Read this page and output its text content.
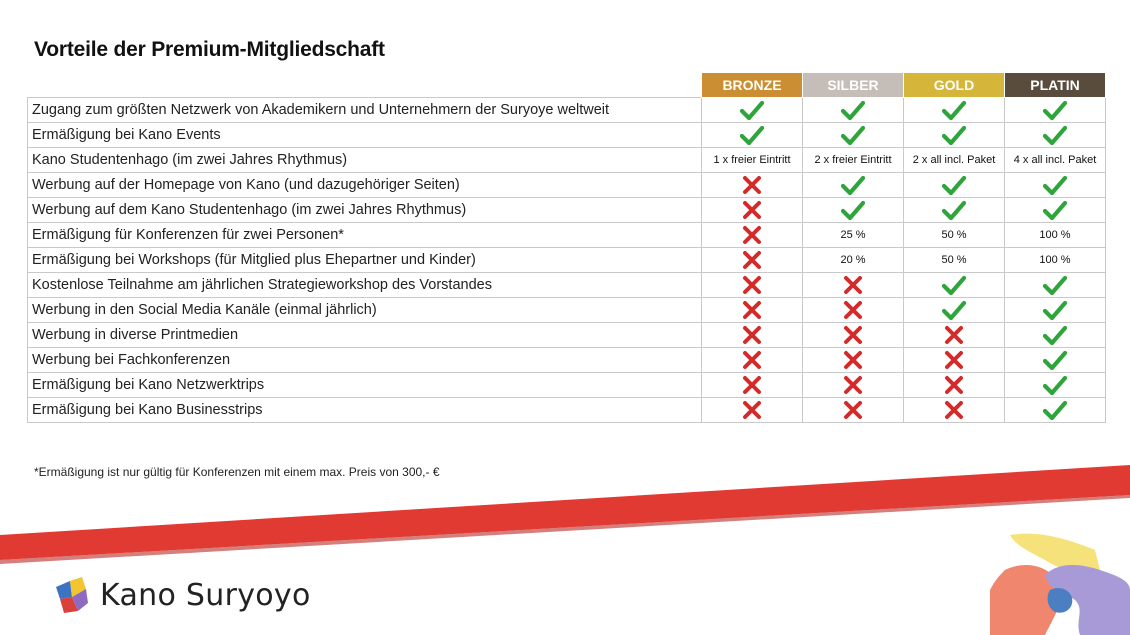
Vorteile der Premium-Mitgliedschaft
	BRONZE	SILBER	GOLD	PLATIN
Zugang zum größten Netzwerk von Akademikern und Unternehmern der Suryoye weltweit	

Ermäßigung bei Kano Events	

Kano Studentenhago (im zwei Jahres Rhythmus)	1 x freier Eintritt	2 x freier Eintritt	2 x all incl. Paket	4 x all incl. Paket
Werbung auf der Homepage von Kano (und dazugehöriger Seiten)	

Werbung auf dem Kano Studentenhago (im zwei Jahres Rhythmus)	

Ermäßigung für Konferenzen für zwei Personen*		25 %	50 %	100 %
Ermäßigung bei Workshops (für Mitglied plus Ehepartner und Kinder)		20 %	50 %	100 %
Kostenlose Teilnahme am jährlichen Strategieworkshop des Vorstandes	

Werbung in den Social Media Kanäle (einmal jährlich)	

Werbung in diverse Printmedien	

Werbung bei Fachkonferenzen	

Ermäßigung bei Kano Netzwerktrips	

Ermäßigung bei Kano Businesstrips	

*Ermäßigung ist nur gültig für Konferenzen mit einem max. Preis von 300,- €
Kano Suryoyo
